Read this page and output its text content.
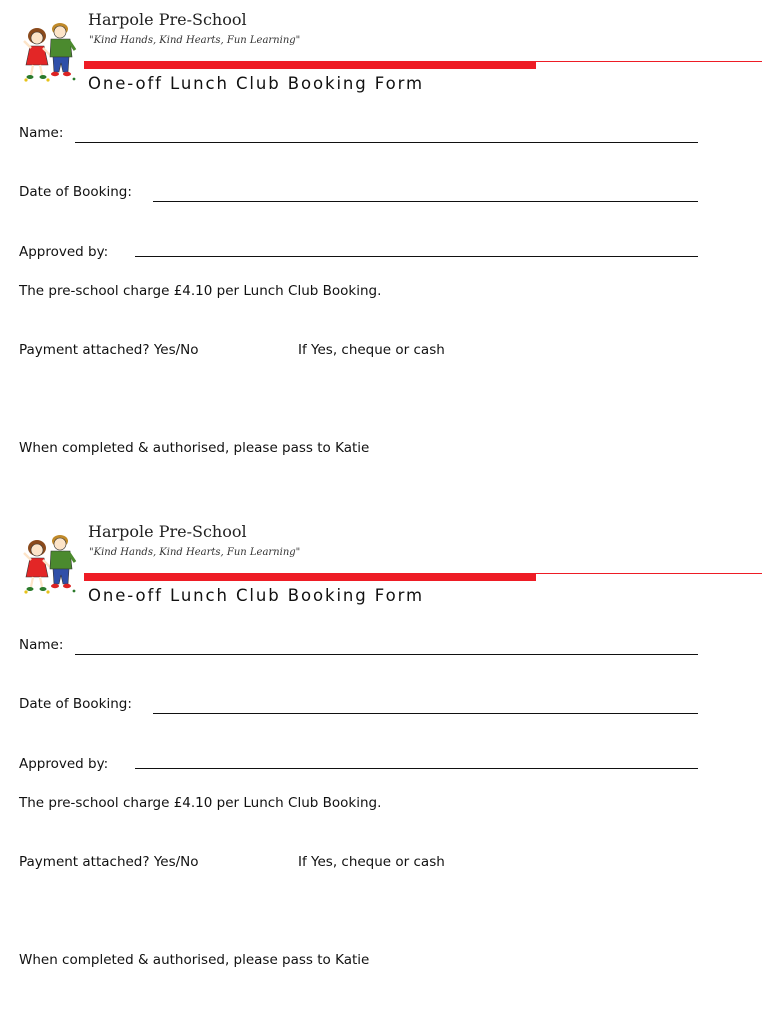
Harpole Pre-School
"Kind Hands, Kind Hearts, Fun Learning"
One-off Lunch Club Booking Form
Name:
Date of Booking:
Approved by:
The pre-school charge £4.10 per Lunch Club Booking.
Payment attached? Yes/No	If Yes, cheque or cash
When completed & authorised, please pass to Katie
Harpole Pre-School
"Kind Hands, Kind Hearts, Fun Learning"
One-off Lunch Club Booking Form
Name:
Date of Booking:
Approved by:
The pre-school charge £4.10 per Lunch Club Booking.
Payment attached? Yes/No	If Yes, cheque or cash
When completed & authorised, please pass to Katie
